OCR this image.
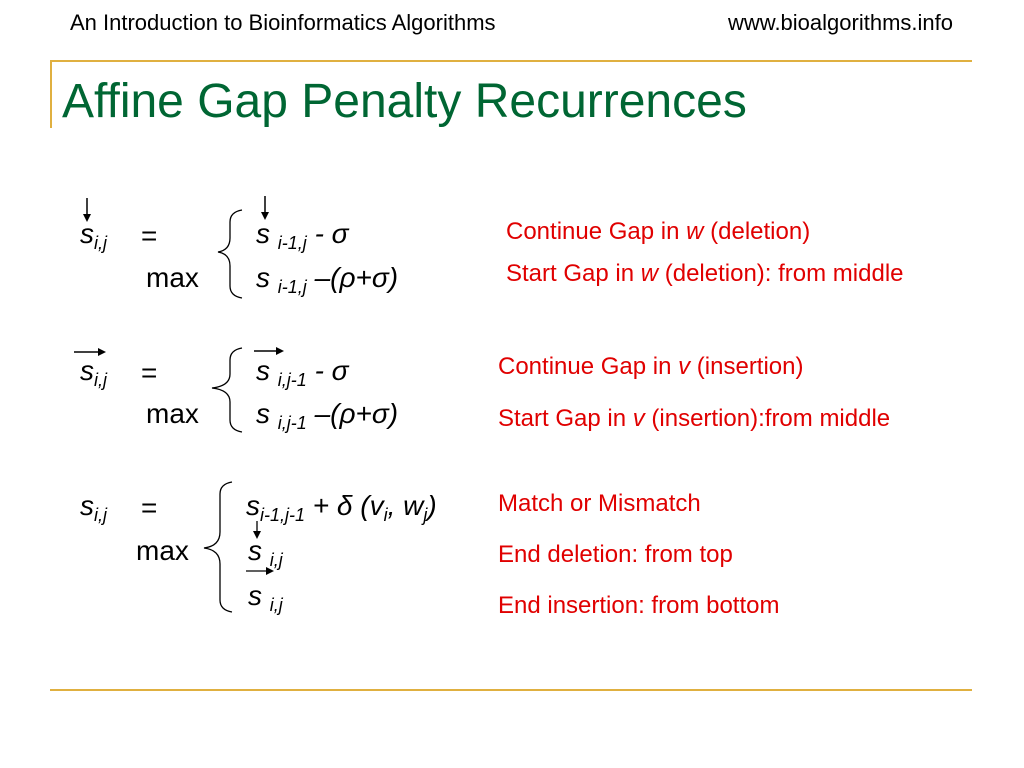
An Introduction to Bioinformatics Algorithms	www.bioalgorithms.info
Affine Gap Penalty Recurrences
$s_{i,j}$ =
max
s $_{i-1,j}$ - σ
s $_{i-1,j}$ –(ρ+σ)
Continue Gap in w (deletion)
Start Gap in w (deletion): from middle
$s_{i,j}$ =
max
s $_{i,j-1}$ - σ
s $_{i,j-1}$ –(ρ+σ)
Continue Gap in v (insertion)
Start Gap in v (insertion):from middle
$s_{i,j}$ =
max
$s_{i-1,j-1} + \delta$ ($v_i$, $w_j$)
s $_{i,j}$
s $_{i,j}$
Match or Mismatch
End deletion: from top
End insertion: from bottom
